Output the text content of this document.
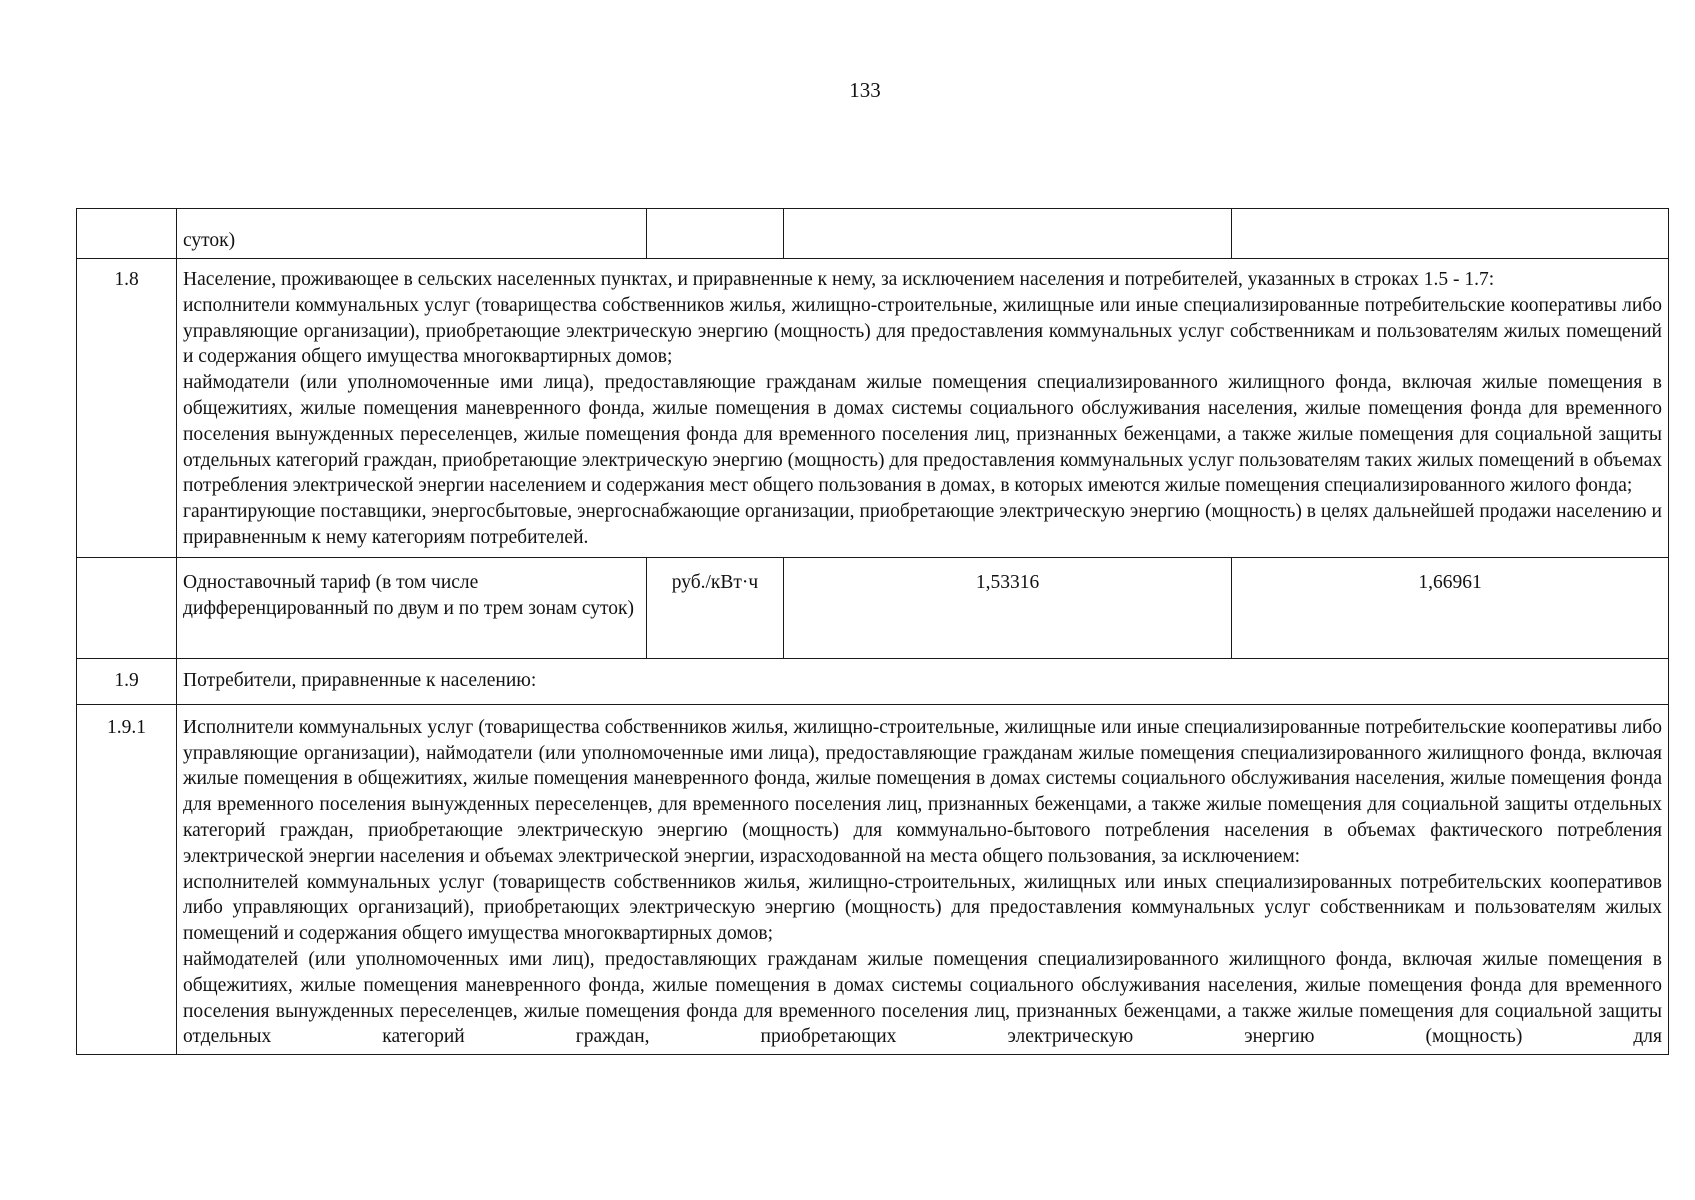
133
	суток)			
1.8	Население, проживающее в сельских населенных пунктах, и приравненные к нему, за исключением населения и потребителей, указанных в строках 1.5 - 1.7:

исполнители коммунальных услуг (товарищества собственников жилья, жилищно-строительные, жилищные или иные специализированные потребительские кооперативы либо управляющие организации), приобретающие электрическую энергию (мощность) для предоставления коммунальных услуг собственникам и пользователям жилых помещений и содержания общего имущества многоквартирных домов;

наймодатели (или уполномоченные ими лица), предоставляющие гражданам жилые помещения специализированного жилищного фонда, включая жилые помещения в общежитиях, жилые помещения маневренного фонда, жилые помещения в домах системы социального обслуживания населения, жилые помещения фонда для временного поселения вынужденных переселенцев, жилые помещения фонда для временного поселения лиц, признанных беженцами, а также жилые помещения для социальной защиты отдельных категорий граждан, приобретающие электрическую энергию (мощность) для предоставления коммунальных услуг пользователям таких жилых помещений в объемах потребления электрической энергии населением и содержания мест общего пользования в домах, в которых имеются жилые помещения специализированного жилого фонда;

гарантирующие поставщики, энергосбытовые, энергоснабжающие организации, приобретающие электрическую энергию (мощность) в целях дальнейшей продажи населению и приравненным к нему категориям потребителей.			

	Одноставочный тариф (в том числе дифференцированный по двум и по трем зонам суток)	руб./кВт·ч	1,53316	1,66961
1.9	Потребители, приравненные к населению:			
1.9.1	Исполнители коммунальных услуг (товарищества собственников жилья, жилищно-строительные, жилищные или иные специализированные потребительские кооперативы либо управляющие организации), наймодатели (или уполномоченные ими лица), предоставляющие гражданам жилые помещения специализированного жилищного фонда, включая жилые помещения в общежитиях, жилые помещения маневренного фонда, жилые помещения в домах системы социального обслуживания населения, жилые помещения фонда для временного поселения вынужденных переселенцев, для временного поселения лиц, признанных беженцами, а также жилые помещения для социальной защиты отдельных категорий граждан, приобретающие электрическую энергию (мощность) для коммунально-бытового потребления населения в объемах фактического потребления электрической энергии населения и объемах электрической энергии, израсходованной на места общего пользования, за исключением:

исполнителей коммунальных услуг (товариществ собственников жилья, жилищно-строительных, жилищных или иных специализированных потребительских кооперативов либо управляющих организаций), приобретающих электрическую энергию (мощность) для предоставления коммунальных услуг собственникам и пользователям жилых помещений и содержания общего имущества многоквартирных домов;

наймодателей (или уполномоченных ими лиц), предоставляющих гражданам жилые помещения специализированного жилищного фонда, включая жилые помещения в общежитиях, жилые помещения маневренного фонда, жилые помещения в домах системы социального обслуживания населения, жилые помещения фонда для временного поселения вынужденных переселенцев, жилые помещения фонда для временного поселения лиц, признанных беженцами, а также жилые помещения для социальной защиты отдельных категорий граждан, приобретающих электрическую энергию (мощность) для			
